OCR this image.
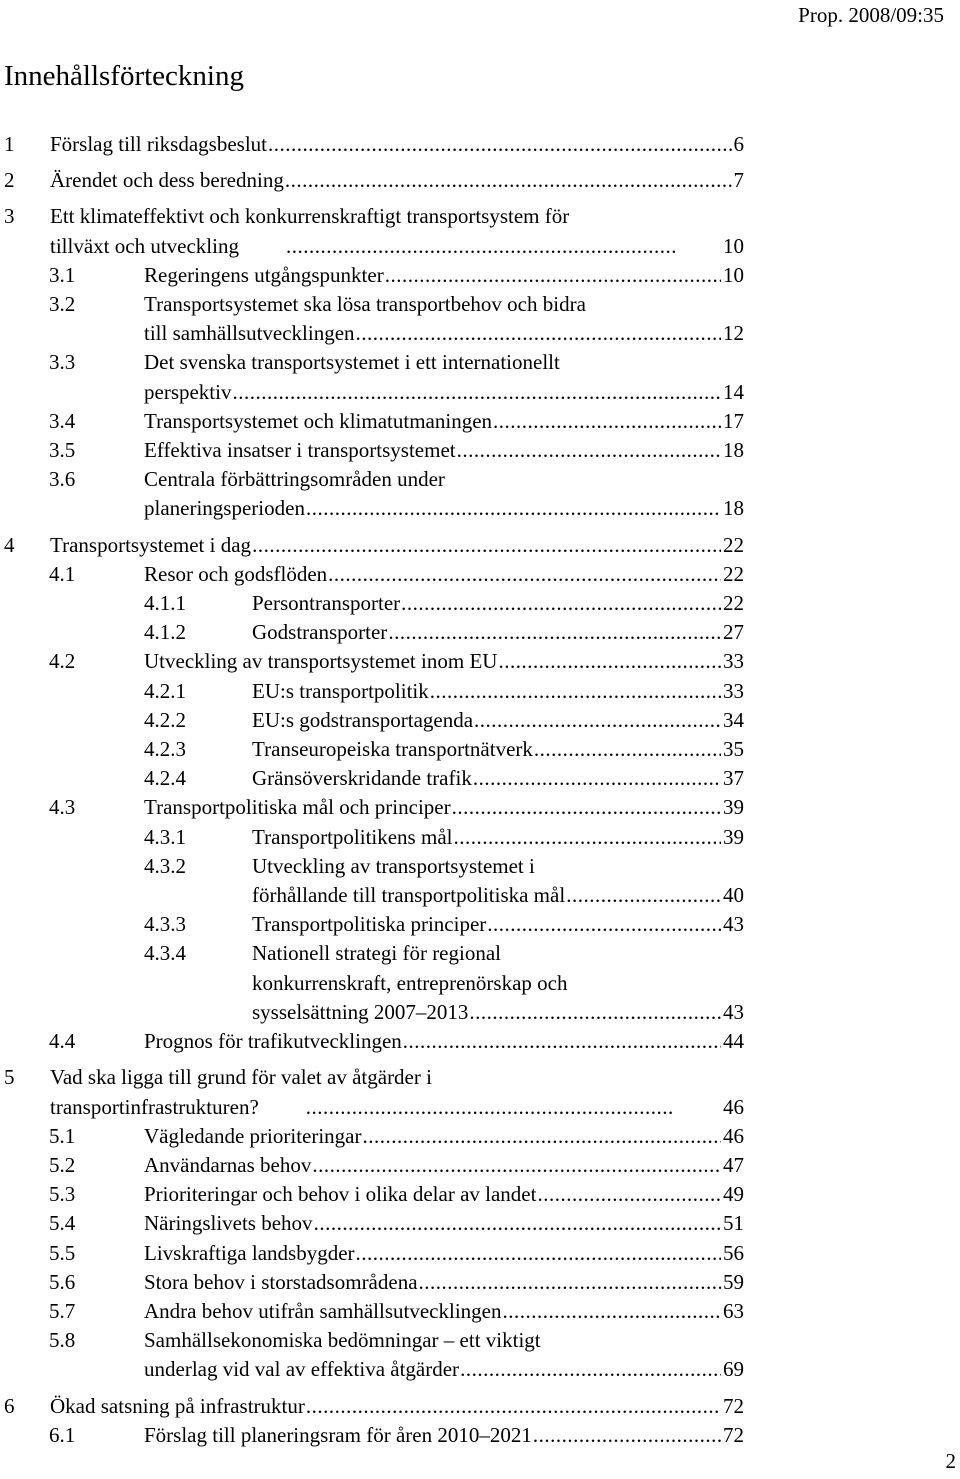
Prop. 2008/09:35
Innehållsförteckning
1 Förslag till riksdagsbeslut .....	6
2 Ärendet och dess beredning .....	7
3	Ett klimateffektivt och konkurrenskraftigt transportsystem för
tillväxt och utveckling .....	10
3.1	Regeringens utgångspunkter .....	10
3.2	Transportsystemet ska lösa transportbehov och bidra
till samhällsutvecklingen .....	12
3.3	Det svenska transportsystemet i ett internationellt
perspektiv .....	14
3.4	Transportsystemet och klimatutmaningen .....	17
3.5	Effektiva insatser i transportsystemet .....	18
3.6	Centrala förbättringsområden under
planeringsperioden .....	18
4 Transportsystemet i dag .....	22
4.1	Resor och godsflöden .....	22
4.1.1	Persontransporter .....	22
4.1.2	Godstransporter .....	27
4.2	Utveckling av transportsystemet inom EU .....	33
4.2.1	EU:s transportpolitik .....	33
4.2.2	EU:s godstransportagenda .....	34
4.2.3	Transeuropeiska transportnätverk .....	35
4.2.4	Gränsöverskridande trafik .....	37
4.3	Transportpolitiska mål och principer .....	39
4.3.1	Transportpolitikens mål .....	39
4.3.2	Utveckling av transportsystemet i
förhållande till transportpolitiska mål .....	40
4.3.3	Transportpolitiska principer .....	43
4.3.4	Nationell strategi för regional
konkurrenskraft, entreprenörskap och
sysselsättning 2007–2013 .....	43
4.4	Prognos för trafikutvecklingen .....	44
5	Vad ska ligga till grund för valet av åtgärder i
transportinfrastrukturen? .....	46
5.1	Vägledande prioriteringar .....	46
5.2	Användarnas behov .....	47
5.3	Prioriteringar och behov i olika delar av landet .....	49
5.4	Näringslivets behov .....	51
5.5	Livskraftiga landsbygder .....	56
5.6	Stora behov i storstadsområdena .....	59
5.7	Andra behov utifrån samhällsutvecklingen .....	63
5.8	Samhällsekonomiska bedömningar – ett viktigt
underlag vid val av effektiva åtgärder .....	69
6 Ökad satsning på infrastruktur .....	72
6.1	Förslag till planeringsram för åren 2010–2021 .....	72
2
